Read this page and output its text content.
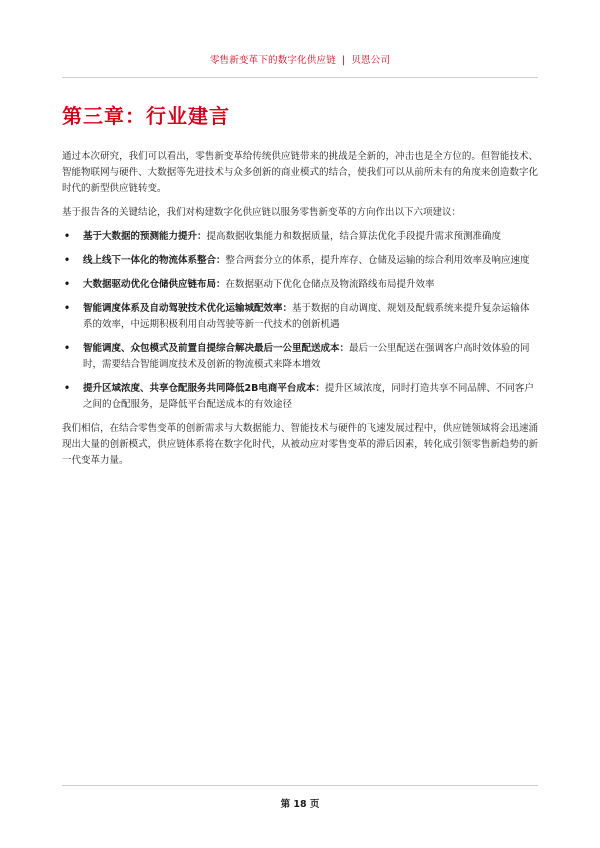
零售新变革下的数字化供应链 | 贝恩公司
第三章：行业建言

通过本次研究，我们可以看出，零售新变革给传统供应链带来的挑战是全新的，冲击也是全方位的。但智能技术、智能物联网与硬件、大数据等先进技术与众多创新的商业模式的结合，使我们可以从前所未有的角度来创造数字化时代的新型供应链转变。

基于报告各的关键结论，我们对构建数字化供应链以服务零售新变革的方向作出以下六项建议：

• 基于大数据的预测能力提升：提高数据收集能力和数据质量，结合算法优化手段提升需求预测准确度
• 线上线下一体化的物流体系整合：整合两套分立的体系，提升库存、仓储及运输的综合利用效率及响应速度
• 大数据驱动优化仓储供应链布局：在数据驱动下优化仓储点及物流路线布局提升效率
• 智能调度体系及自动驾驶技术优化运输城配效率：基于数据的自动调度、规划及配载系统来提升复杂运输体系的效率，中远期积极利用自动驾驶等新一代技术的创新机遇
• 智能调度、众包模式及前置自提综合解决最后一公里配送成本：最后一公里配送在强调客户高时效体验的同时，需要结合智能调度技术及创新的物流模式来降本增效
• 提升区域浓度、共享仓配服务共同降低2B电商平台成本：提升区域浓度，同时打造共享不同品牌、不同客户之间的仓配服务，是降低平台配送成本的有效途径

我们相信，在结合零售变革的创新需求与大数据能力、智能技术与硬件的飞速发展过程中，供应链领域将会迅速涌现出大量的创新模式，供应链体系将在数字化时代，从被动应对零售变革的滞后因素，转化成引领零售新趋势的新一代变革力量。

第 18 页
